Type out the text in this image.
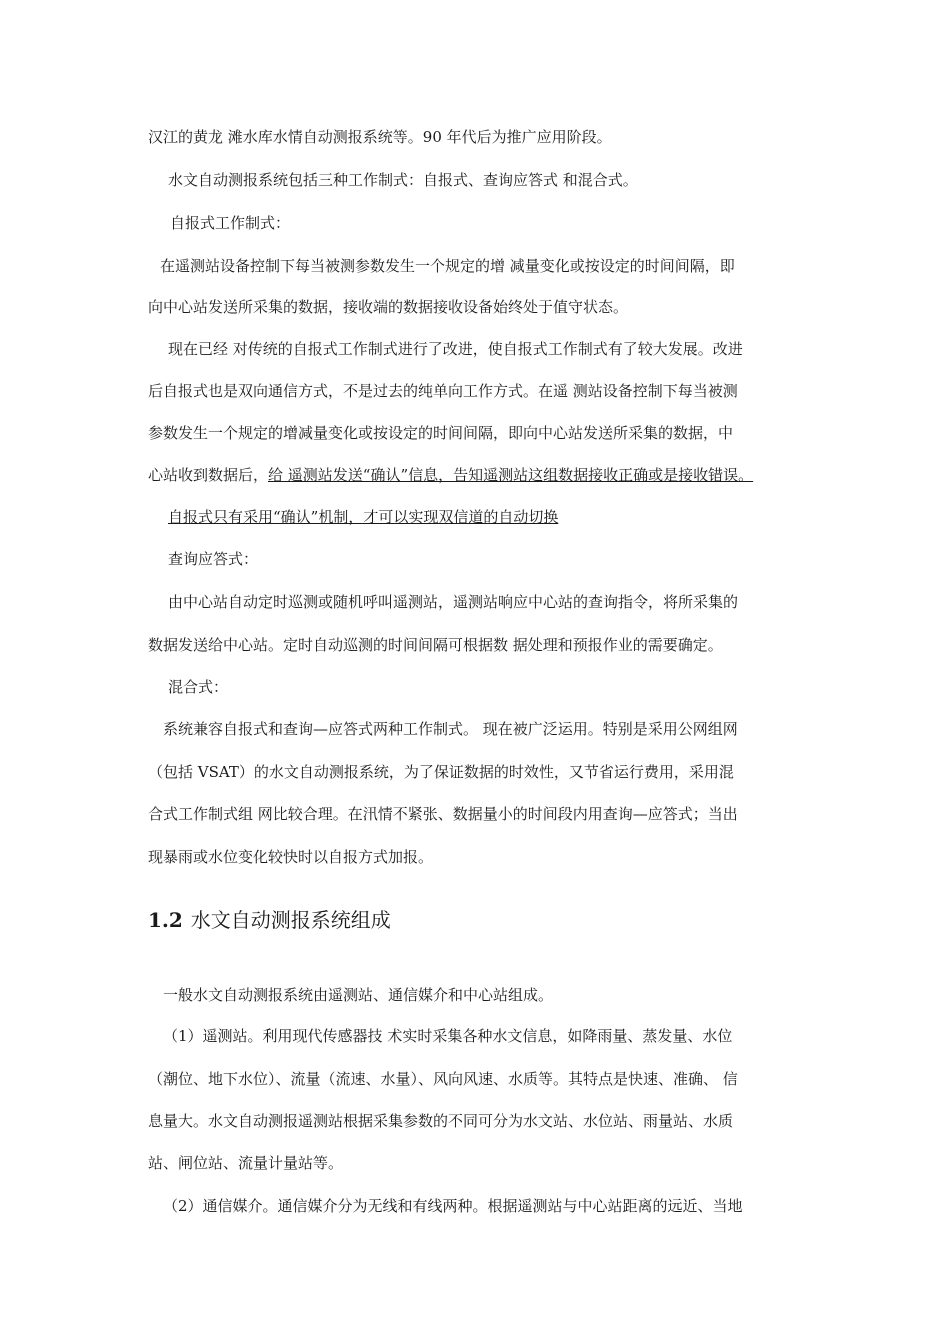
汉江的黄龙 滩水库水情自动测报系统等。90 年代后为推广应用阶段。
水文自动测报系统包括三种工作制式：自报式、查询应答式 和混合式。
自报式工作制式：
在遥测站设备控制下每当被测参数发生一个规定的增 减量变化或按设定的时间间隔，即
向中心站发送所采集的数据，接收端的数据接收设备始终处于值守状态。
现在已经 对传统的自报式工作制式进行了改进，使自报式工作制式有了较大发展。改进
后自报式也是双向通信方式，不是过去的纯单向工作方式。在遥 测站设备控制下每当被测
参数发生一个规定的增减量变化或按设定的时间间隔，即向中心站发送所采集的数据，中
心站收到数据后，给 遥测站发送“确认”信息，告知遥测站这组数据接收正确或是接收错误。
自报式只有采用“确认”机制，才可以实现双信道的自动切换
查询应答式：
由中心站自动定时巡测或随机呼叫遥测站，遥测站响应中心站的查询指令，将所采集的
数据发送给中心站。定时自动巡测的时间间隔可根据数 据处理和预报作业的需要确定。
混合式：
系统兼容自报式和查询—应答式两种工作制式。 现在被广泛运用。特别是采用公网组网
（包括 VSAT）的水文自动测报系统，为了保证数据的时效性，又节省运行费用，采用混
合式工作制式组 网比较合理。在汛情不紧张、数据量小的时间段内用查询—应答式；当出
现暴雨或水位变化较快时以自报方式加报。
1.2 水文自动测报系统组成
一般水文自动测报系统由遥测站、通信媒介和中心站组成。
（1）遥测站。利用现代传感器技 术实时采集各种水文信息，如降雨量、蒸发量、水位
（潮位、地下水位）、流量（流速、水量）、风向风速、水质等。其特点是快速、准确、 信
息量大。水文自动测报遥测站根据采集参数的不同可分为水文站、水位站、雨量站、水质
站、闸位站、流量计量站等。
（2）通信媒介。通信媒介分为无线和有线两种。根据遥测站与中心站距离的远近、当地
